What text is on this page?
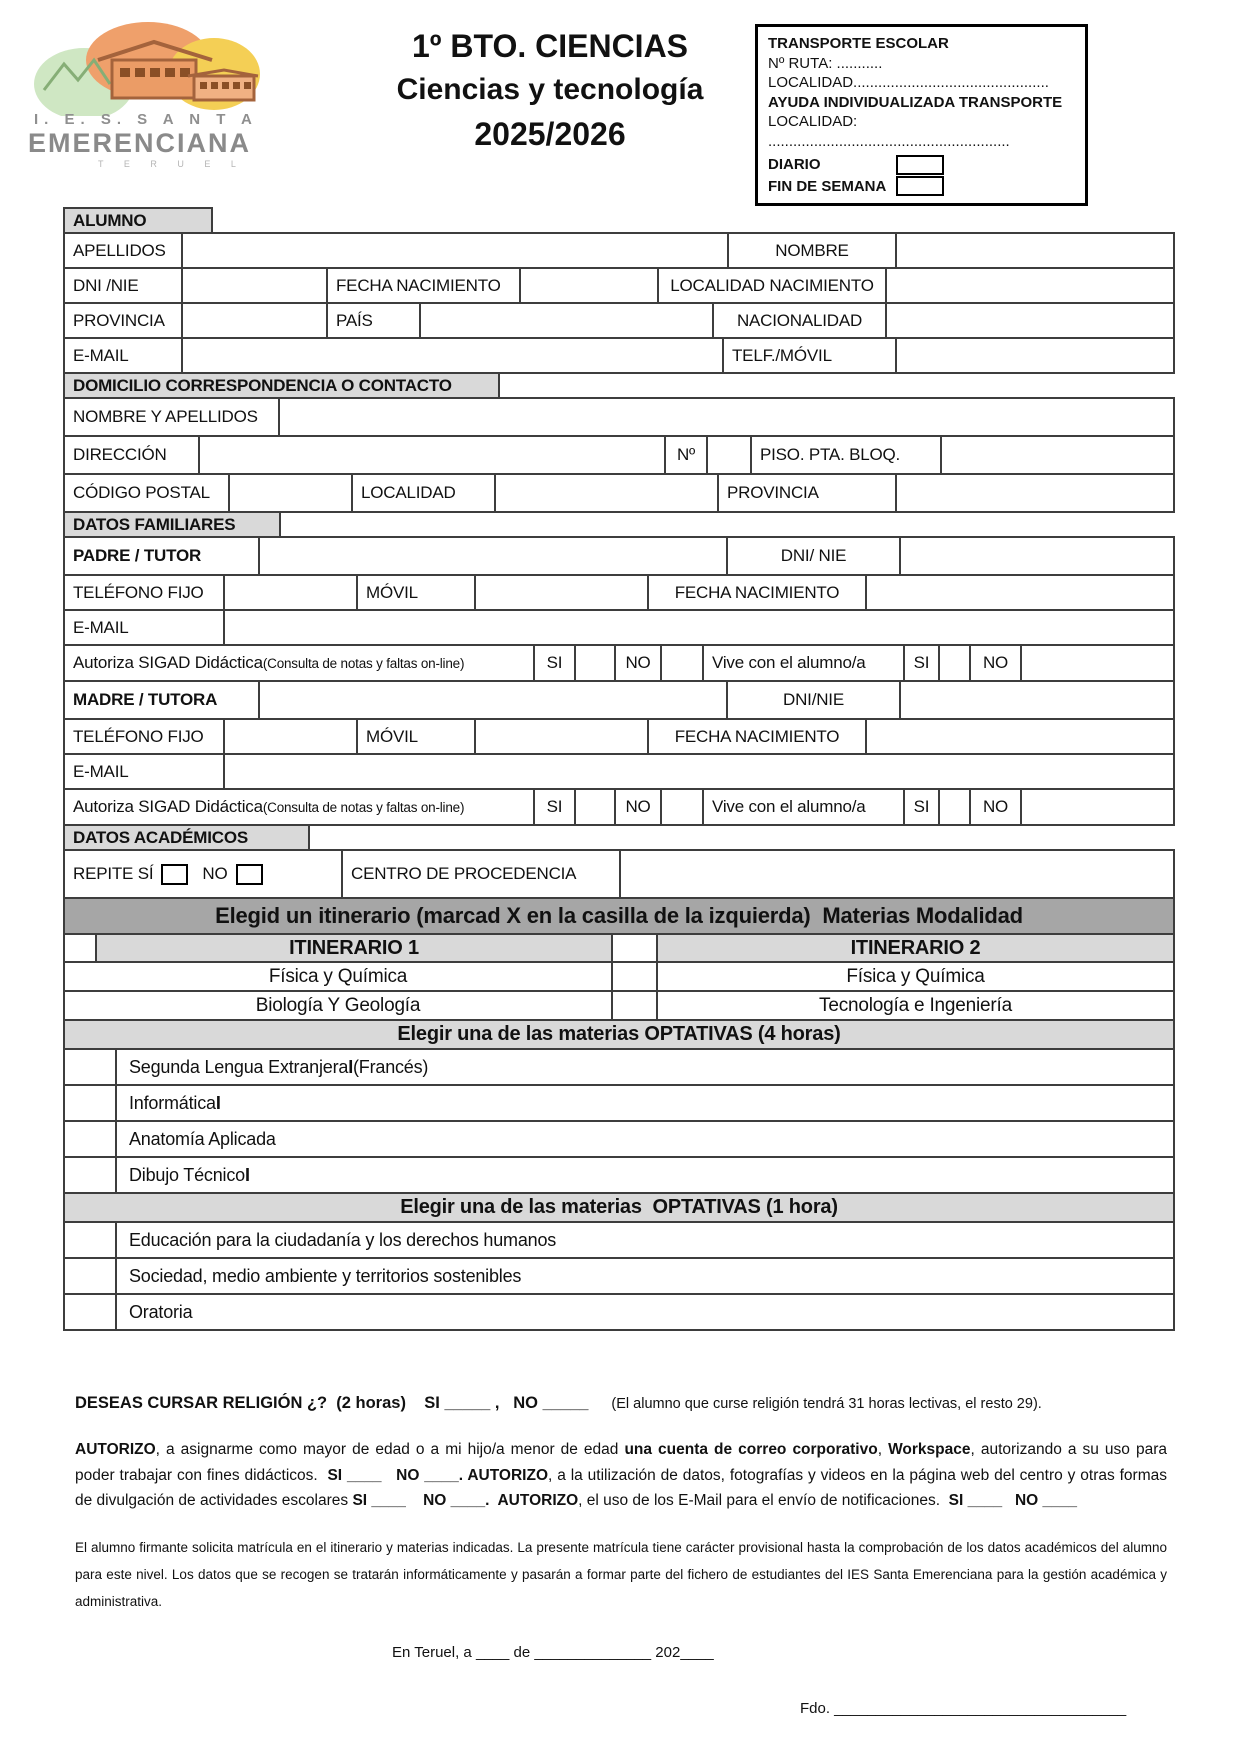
I. E. S. S A N T A
EMERENCIANA
T E R U E L
1º BTO. CIENCIAS
Ciencias y tecnología
2025/2026
TRANSPORTE ESCOLAR
Nº RUTA: ...........
LOCALIDAD...............................................
AYUDA INDIVIDUALIZADA TRANSPORTE
LOCALIDAD:
..........................................................
DIARIO
FIN DE SEMANA
ALUMNO
APELLIDOS	NOMBRE
DNI /NIE	FECHA NACIMIENTO	LOCALIDAD NACIMIENTO
PROVINCIA	PAÍS	NACIONALIDAD
E-MAIL	TELF./MÓVIL
DOMICILIO CORRESPONDENCIA O CONTACTO
NOMBRE Y APELLIDOS
DIRECCIÓN	Nº	PISO. PTA. BLOQ.
CÓDIGO POSTAL	LOCALIDAD	PROVINCIA
DATOS FAMILIARES
PADRE / TUTOR	DNI/ NIE
TELÉFONO FIJO	MÓVIL	FECHA NACIMIENTO
E-MAIL
Autoriza SIGAD Didáctica (Consulta de notas y faltas on-line)	SI	NO	Vive con el alumno/a	SI	NO
MADRE / TUTORA	DNI/NIE
TELÉFONO FIJO	MÓVIL	FECHA NACIMIENTO
E-MAIL
Autoriza SIGAD Didáctica (Consulta de notas y faltas on-line)	SI	NO	Vive con el alumno/a	SI	NO
DATOS ACADÉMICOS
REPITE SÍ	NO	CENTRO DE PROCEDENCIA
Elegid un itinerario (marcad X en la casilla de la izquierda)  Materias Modalidad
ITINERARIO 1	ITINERARIO 2
Física y Química	Física y Química
Biología Y Geología	Tecnología e Ingeniería
Elegir una de las materias OPTATIVAS (4 horas)
Segunda Lengua Extranjera I (Francés)
Informática I
Anatomía Aplicada
Dibujo Técnico I
Elegir una de las materias  OPTATIVAS (1 hora)
Educación para la ciudadanía y los derechos humanos
Sociedad, medio ambiente y territorios sostenibles
Oratoria
DESEAS CURSAR RELIGIÓN ¿?  (2 horas)    SI _____ ,   NO _____     (El alumno que curse religión tendrá 31 horas lectivas, el resto 29).
AUTORIZO, a asignarme como mayor de edad o a mi hijo/a menor de edad una cuenta de correo corporativo, Workspace, autorizando a su uso para poder trabajar con fines didácticos.  SI ____   NO ____. AUTORIZO, a la utilización de datos, fotografías y videos en la página web del centro y otras formas de divulgación de actividades escolares SI ____    NO ____.  AUTORIZO, el uso de los E-Mail para el envío de notificaciones.  SI ____   NO ____
El alumno firmante solicita matrícula en el itinerario y materias indicadas. La presente matrícula tiene carácter provisional hasta la comprobación de los datos académicos del alumno para este nivel. Los datos que se recogen se tratarán informáticamente y pasarán a formar parte del fichero de estudiantes del IES Santa Emerenciana para la gestión académica y administrativa.
En Teruel, a ____ de ______________ 202____
Fdo. ___________________________________
